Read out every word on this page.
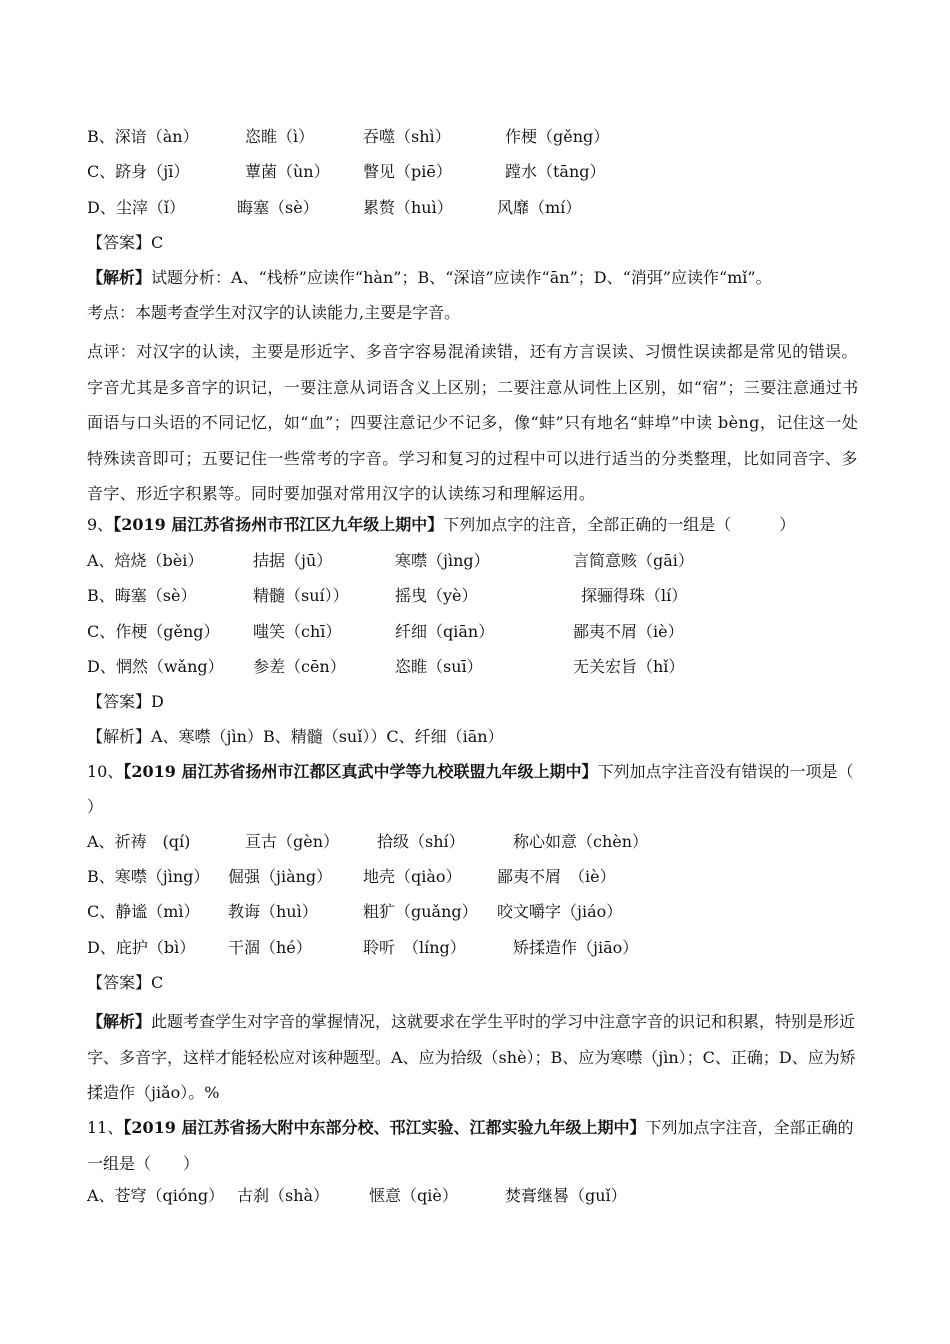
B、深谙（àn）	恣睢（ì）	吞噬（shì）	作梗（gěng）
C、跻身（jī）	蕈菌（ùn） 瞥见（piē）	蹚水（tāng）
D、尘滓（ǐ）	晦塞（sè）	累赘（huì）	风靡（mí）
【答案】C
【解析】试题分析：A、“栈桥”应读作“hàn”；B、“深谙”应读作“ān”；D、“消弭”应读作“mǐ”。
考点：本题考查学生对汉字的认读能力,主要是字音。
点评：对汉字的认读，主要是形近字、多音字容易混淆读错，还有方言误读、习惯性误读都是常见的错误。字音尤其是多音字的识记，一要注意从词语含义上区别；二要注意从词性上区别，如“宿”；三要注意通过书面语与口头语的不同记忆，如“血”；四要注意记少不记多，像“蚌”只有地名“蚌埠”中读 bèng，记住这一处特殊读音即可；五要记住一些常考的字音。学习和复习的过程中可以进行适当的分类整理，比如同音字、多音字、形近字积累等。同时要加强对常用汉字的认读练习和理解运用。
9、【2019 届江苏省扬州市邗江区九年级上期中】下列加点字的注音，全部正确的一组是（　　　）
A、焙烧（bèi）	拮据（jū）	寒噤（jìng）	言简意赅（gāi）
B、晦塞（sè）	精髓（suí））	摇曳（yè）	探骊得珠（lí）
C、作梗（gěng） 嗤笑（chī）	纤细（qiān）	鄙夷不屑（iè）
D、惘然（wǎng） 参差（cēn）	恣睢（suī）	无关宏旨（hǐ）
【答案】D
【解析】A、寒噤（jìn）B、精髓（suǐ））C、纤细（iān）
10、【2019 届江苏省扬州市江都区真武中学等九校联盟九年级上期中】下列加点字注音没有错误的一项是（
）
A、祈祷　(qí)	亘古（gèn） 拾级（shí）	称心如意（chèn）
B、寒噤（jìng） 倔强（jiàng） 地壳（qiào） 鄙夷不屑　（iè）
C、静谧（mì） 教诲（huì）	粗犷（guǎng） 咬文嚼字（jiáo）
D、庇护（bì） 干涸（hé）	聆听　（líng）	矫揉造作（jiāo）
【答案】C
【解析】此题考查学生对字音的掌握情况，这就要求在学生平时的学习中注意字音的识记和积累，特别是形近字、多音字，这样才能轻松应对该种题型。A、应为拾级（shè）；B、应为寒噤（jìn）；C、正确；D、应为矫揉造作（jiǎo）。%
11、【2019 届江苏省扬大附中东部分校、邗江实验、江都实验九年级上期中】下列加点字注音，全部正确的一组是（　　）
A、苍穹（qióng） 古刹（shà） 惬意（qiè）	焚膏继晷（guǐ）
